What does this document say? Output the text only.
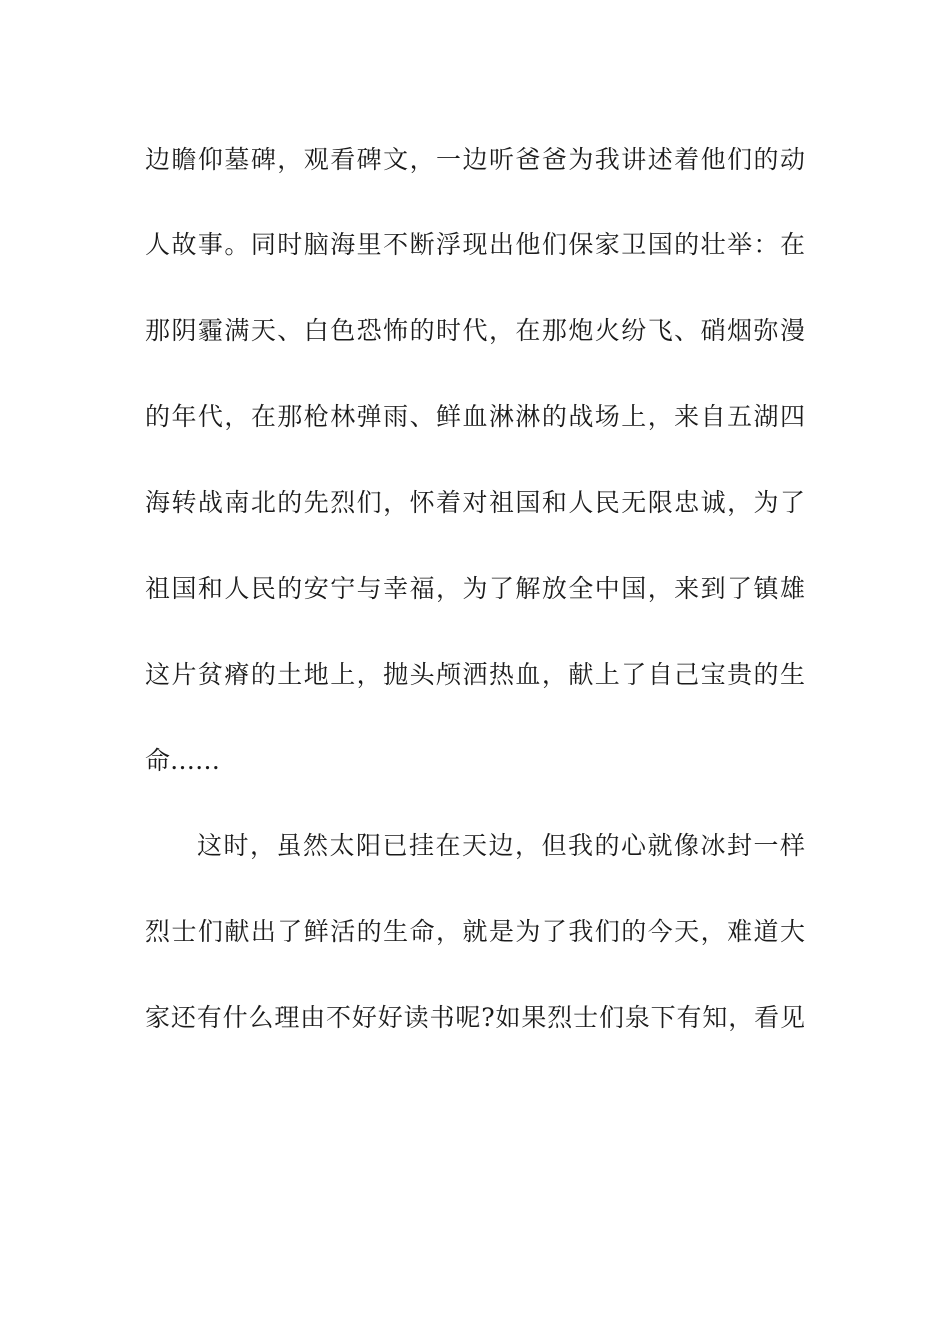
边瞻仰墓碑，观看碑文，一边听爸爸为我讲述着他们的动
人故事。同时脑海里不断浮现出他们保家卫国的壮举：在
那阴霾满天、白色恐怖的时代，在那炮火纷飞、硝烟弥漫
的年代，在那枪林弹雨、鲜血淋淋的战场上，来自五湖四
海转战南北的先烈们，怀着对祖国和人民无限忠诚，为了
祖国和人民的安宁与幸福，为了解放全中国，来到了镇雄
这片贫瘠的土地上，抛头颅洒热血，献上了自己宝贵的生
命……
这时，虽然太阳已挂在天边，但我的心就像冰封一样
烈士们献出了鲜活的生命，就是为了我们的今天，难道大
家还有什么理由不好好读书呢?如果烈士们泉下有知，看见
